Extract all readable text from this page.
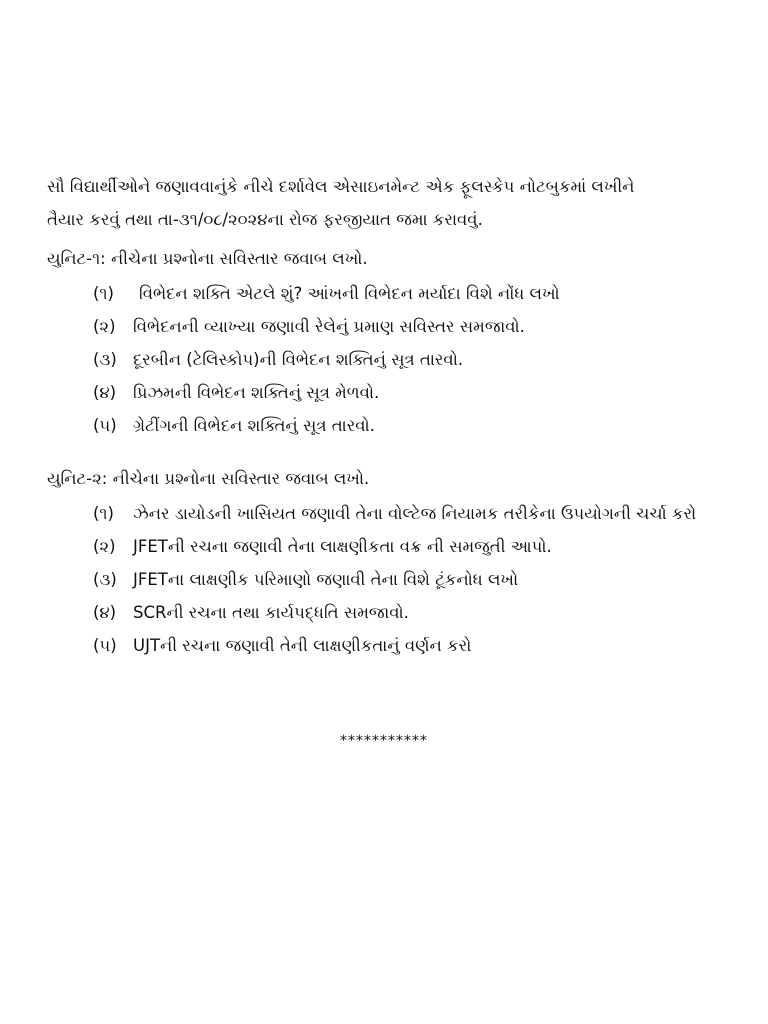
સૌ વિદ્યાર્થીઓને જણાવવાનુંકે નીચે દર્શાવેલ એસાઇનમેન્ટ એક ફૂલસ્કેપ નોટબુકમાં લખીને

તૈયાર કરવું તથા તા-૩૧/૦૮/૨૦૨૪ના રોજ ફરજીયાત જમા કરાવવું.

યુનિટ-૧: નીચેના પ્રશ્નોના સવિસ્તાર જવાબ લખો.

(૧)	વિભેદન શક્તિ એટલે શું? આંખની વિભેદન મર્યાદા વિશે નોંધ લખો
(૨)	વિભેદનની વ્યાખ્યા જણાવી રેલેનું પ્રમાણ સવિસ્તર સમજાવો.
(૩) દૂરબીન (ટેલિસ્કોપ)ની વિભેદન શક્તિનું સૂત્ર તારવો.
(૪)	પ્રિઝમની વિભેદન શક્તિનું સૂત્ર મેળવો.
(૫) ગ્રેટીંગની વિભેદન શક્તિનું સૂત્ર તારવો.

યુનિટ-૨: નીચેના પ્રશ્નોના સવિસ્તાર જવાબ લખો.

(૧)	ઝેનર ડાયોડની ખાસિયત જણાવી તેના વોલ્ટેજ નિયામક તરીકેના ઉપયોગની ચર્ચા કરો
(૨)	JFETની રચના જણાવી તેના લાક્ષણીકતા વક્ર ની સમજુતી આપો.
(૩) JFETના લાક્ષણીક પરિમાણો જણાવી તેના વિશે ટૂંકનોધ લખો
(૪)	SCRની રચના તથા કાર્યપદ્ધતિ સમજાવો.
(૫) UJTની રચના જણાવી તેની લાક્ષણીકતાનું વર્ણન કરો
***********
